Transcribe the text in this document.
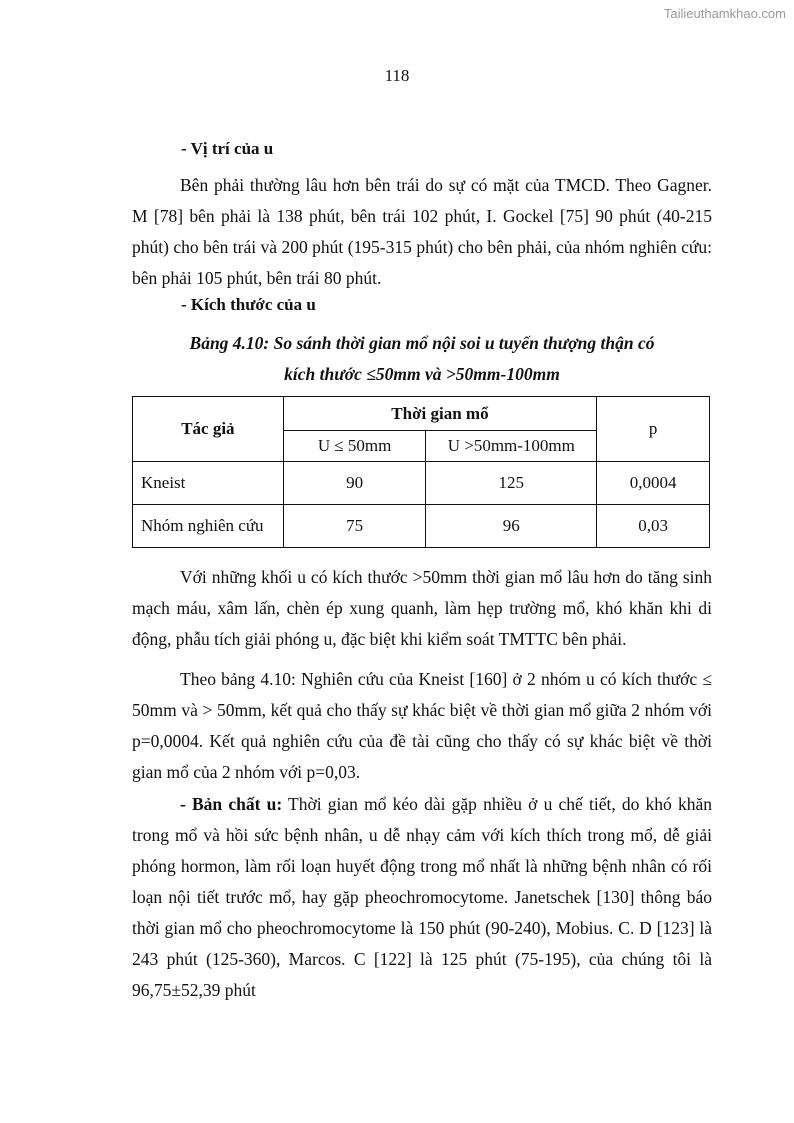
Tailieuthamkhao.com
118
- Vị trí của u
Bên phải thường lâu hơn bên trái do sự có mặt của TMCD. Theo Gagner. M [78] bên phải là 138 phút, bên trái 102 phút, I. Gockel [75] 90 phút (40-215 phút) cho bên trái và 200 phút (195-315 phút) cho bên phải, của nhóm nghiên cứu: bên phải 105 phút, bên trái 80 phút.
- Kích thước của u
Bảng 4.10: So sánh thời gian mổ nội soi u tuyến thượng thận có
kích thước ≤50mm và >50mm-100mm
Tác giả	Thời gian mổ		p
	U ≤ 50mm	U >50mm-100mm	
Kneist	90	125	0,0004
Nhóm nghiên cứu	75	96	0,03
Với những khối u có kích thước >50mm thời gian mổ lâu hơn do tăng sinh mạch máu, xâm lấn, chèn ép xung quanh, làm hẹp trường mổ, khó khăn khi di động, phẫu tích giải phóng u, đặc biệt khi kiểm soát TMTTC bên phải.
Theo bảng 4.10: Nghiên cứu của Kneist [160] ở 2 nhóm u có kích thước ≤ 50mm và > 50mm, kết quả cho thấy sự khác biệt về thời gian mổ giữa 2 nhóm với p=0,0004. Kết quả nghiên cứu của đề tài cũng cho thấy có sự khác biệt về thời gian mổ của 2 nhóm với p=0,03.
- Bản chất u: Thời gian mổ kéo dài gặp nhiều ở u chế tiết, do khó khăn trong mổ và hồi sức bệnh nhân, u dễ nhạy cảm với kích thích trong mổ, dễ giải phóng hormon, làm rối loạn huyết động trong mổ nhất là những bệnh nhân có rối loạn nội tiết trước mổ, hay gặp pheochromocytome. Janetschek [130] thông báo thời gian mổ cho pheochromocytome là 150 phút (90-240), Mobius. C. D [123] là 243 phút (125-360), Marcos. C [122] là 125 phút (75-195), của chúng tôi là 96,75±52,39 phút
